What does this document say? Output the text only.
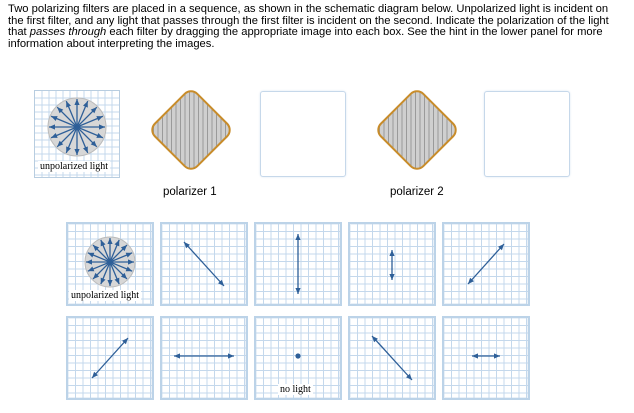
Two polarizing filters are placed in a sequence, as shown in the schematic diagram below. Unpolarized light is incident on the first filter, and any light that passes through the first filter is incident on the second. Indicate the polarization of the light that passes through each filter by dragging the appropriate image into each box. See the hint in the lower panel for more information about interpreting the images.

unpolarized light
polarizer 1	polarizer 2
unpolarized light
no light
